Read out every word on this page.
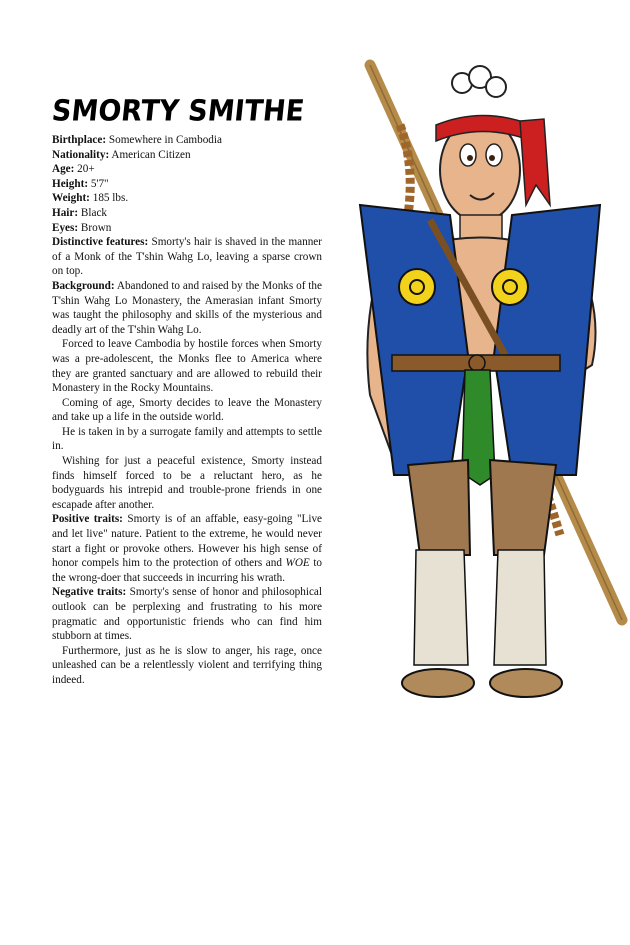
SMORTY SMITHE

Birthplace: Somewhere in Cambodia

Nationality: American Citizen

Age: 20+

Height: 5'7"

Weight: 185 lbs.

Hair: Black

Eyes: Brown

Distinctive features: Smorty's hair is shaved in the manner of a Monk of the T'shin Wahg Lo, leaving a sparse crown on top.

Background: Abandoned to and raised by the Monks of the T'shin Wahg Lo Monastery, the Amerasian infant Smorty was taught the philosophy and skills of the mysterious and deadly art of the T'shin Wahg Lo.

Forced to leave Cambodia by hostile forces when Smorty was a pre-adolescent, the Monks flee to America where they are granted sanctuary and are allowed to rebuild their Monastery in the Rocky Mountains.

Coming of age, Smorty decides to leave the Monastery and take up a life in the outside world.

He is taken in by a surrogate family and attempts to settle in.

Wishing for just a peaceful existence, Smorty instead finds himself forced to be a reluctant hero, as he bodyguards his intrepid and trouble-prone friends in one escapade after another.

Positive traits: Smorty is of an affable, easy-going "Live and let live" nature. Patient to the extreme, he would never start a fight or provoke others. However his high sense of honor compels him to the protection of others and WOE to the wrong-doer that succeeds in incurring his wrath.

Negative traits: Smorty's sense of honor and philosophical outlook can be perplexing and frustrating to his more pragmatic and opportunistic friends who can find him stubborn at times.

Furthermore, just as he is slow to anger, his rage, once unleashed can be a relentlessly violent and terrifying thing indeed.
